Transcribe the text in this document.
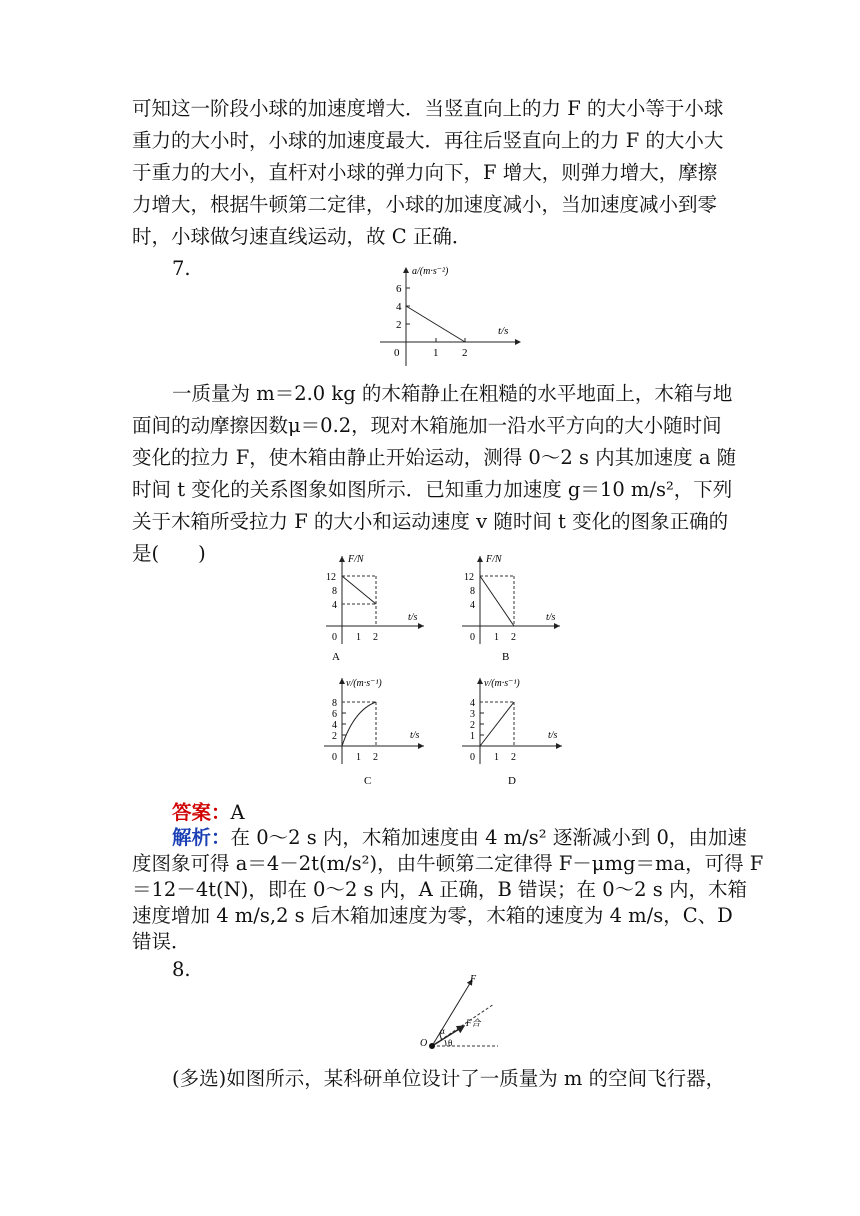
可知这一阶段小球的加速度增大．当竖直向上的力 F 的大小等于小球
重力的大小时，小球的加速度最大．再往后竖直向上的力 F 的大小大
于重力的大小，直杆对小球的弹力向下，F 增大，则弹力增大，摩擦
力增大，根据牛顿第二定律，小球的加速度减小，当加速度减小到零
时，小球做匀速直线运动，故 C 正确．
7.	a/(m·s⁻²)
2
4
6
t/s
0	1 2
一质量为 m＝2.0 kg 的木箱静止在粗糙的水平地面上，木箱与地
面间的动摩擦因数μ＝0.2，现对木箱施加一沿水平方向的大小随时间
变化的拉力 F，使木箱由静止开始运动，测得 0～2 s 内其加速度 a 随
时间 t 变化的关系图象如图所示．已知重力加速度 g＝10 m/s²，下列
关于木箱所受拉力 F 的大小和运动速度 v 随时间 t 变化的图象正确的
是(　　)	F/N
12
8
4
t/s
0 1 2
A
F/N
12
8
4
t/s
0 1 2
B
v/(m·s⁻¹)
8
6
4
2	t/s
0 1 2
C
v/(m·s⁻¹)
4
3
2
1	t/s
0 1 2
D
答案：A
解析：在 0～2 s 内，木箱加速度由 4 m/s² 逐渐减小到 0，由加速
度图象可得 a＝4－2t(m/s²)，由牛顿第二定律得 F－μmg＝ma，可得 F
＝12－4t(N)，即在 0～2 s 内，A 正确，B 错误；在 0～2 s 内，木箱
速度增加 4 m/s,2 s 后木箱加速度为零，木箱的速度为 4 m/s，C、D
错误．
8.	F
F合
O
α
θ
(多选)如图所示，某科研单位设计了一质量为 m 的空间飞行器，
